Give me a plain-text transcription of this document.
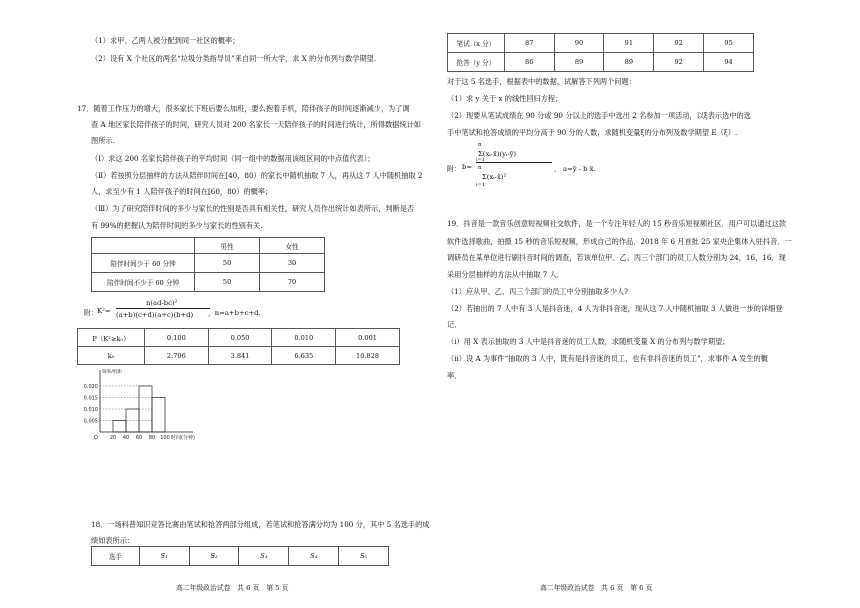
（1）求甲、乙两人被分配到同一社区的概率；
（2）设有 X 个社区的两名“垃圾分类指导员”来自同一所大学，求 X 的分布列与数学期望.
17．随着工作压力的增大，很多家长下班后要么加班，要么抱着手机，陪伴孩子的时间逐渐减少，为了调
查 A 地区家长陪伴孩子的时间，研究人员对 200 名家长一天陪伴孩子的时间进行统计，所得数据统计如
图所示.
（Ⅰ）求这 200 名家长陪伴孩子的平均时间（同一组中的数据用该组区间的中点值代表）；
（Ⅱ）若按照分层抽样的方法从陪伴时间在[40，80）的家长中随机抽取 7 人，再从这 7 人中随机抽取 2
人，求至少有 1 人陪伴孩子的时间在[60，80）的概率；
（Ⅲ）为了研究陪伴时间的多少与家长的性别是否具有相关性，研究人员作出统计如表所示，判断是否
有 99%的把握认为陪伴时间的多少与家长的性别有关.
	男性	女性
陪伴时间少于 60 分钟	50	30
陪伴时间不少于 60 分钟	50	70
附： K²=
n(ad-bc)²
(a+b)(c+d)(a+c)(b+d) ，n=a+b+c+d.
P（K²≥k₀）	0.100	0.050	0.010	0.001
k₀	2.706	3.841	6.635	10.828
0.005
0.010
0.015
0.020
O 20 40 60 80 100
频率/组距
时间(分钟)
18．一场科普知识竞答比赛由笔试和抢答两部分组成，若笔试和抢答满分均为 100 分，其中 5 名选手的成
绩如表所示：
选手	S₁	S₂	S₃	S₄	S₅
高二年级政治试卷　共 6 页　第 5 页
笔试（x 分）	87	90	91	92	95
抢答（y 分）	86	89	89	92	94
对于这 5 名选手，根据表中的数据，试解答下列两个问题：
（1）求 y 关于 x 的线性回归方程；
（2）现要从笔试成绩在 90 分或 90 分以上的选手中选出 2 名参加一项活动，以ξ表示选中的选
手中笔试和抢答成绩的平均分高于 90 分的人数，求随机变量ξ的分布列及数学期望 E（ξ）.
附： b=
n
Σ(xᵢ-x̄)(yᵢ-ȳ)
i=1
n
Σ(xᵢ-x̄)²
i=1
， a=ȳ - b x̄.
19．抖音是一款音乐创意短视频社交软件，是一个专注年轻人的 15 秒音乐短视频社区．用户可以通过这款
软件选择歌曲，拍摄 15 秒的音乐短视频，形成自己的作品．2018 年 6 月首批 25 家央企集体入驻抖音．一
调研员在某单位进行刷抖音时间的调查，若该单位甲、乙、丙三个部门的员工人数分别为 24，16，16．现
采用分层抽样的方法从中抽取 7 人．
（1）应从甲、乙、丙三个部门的员工中分别抽取多少人?
（2）若抽出的 7 人中有 3 人是抖音迷，4 人为非抖音迷，现从这 7 人中随机抽取 3 人做进一步的详细登
记．
（ⅰ）用 X 表示抽取的 3 人中是抖音迷的员工人数，求随机变量 X 的分布列与数学期望；
（ⅱ）设 A 为事件“抽取的 3 人中，既有是抖音迷的员工，也有非抖音迷的员工”，求事件 A 发生的概
率．
高二年级政治试卷　共 6 页　第 6 页
